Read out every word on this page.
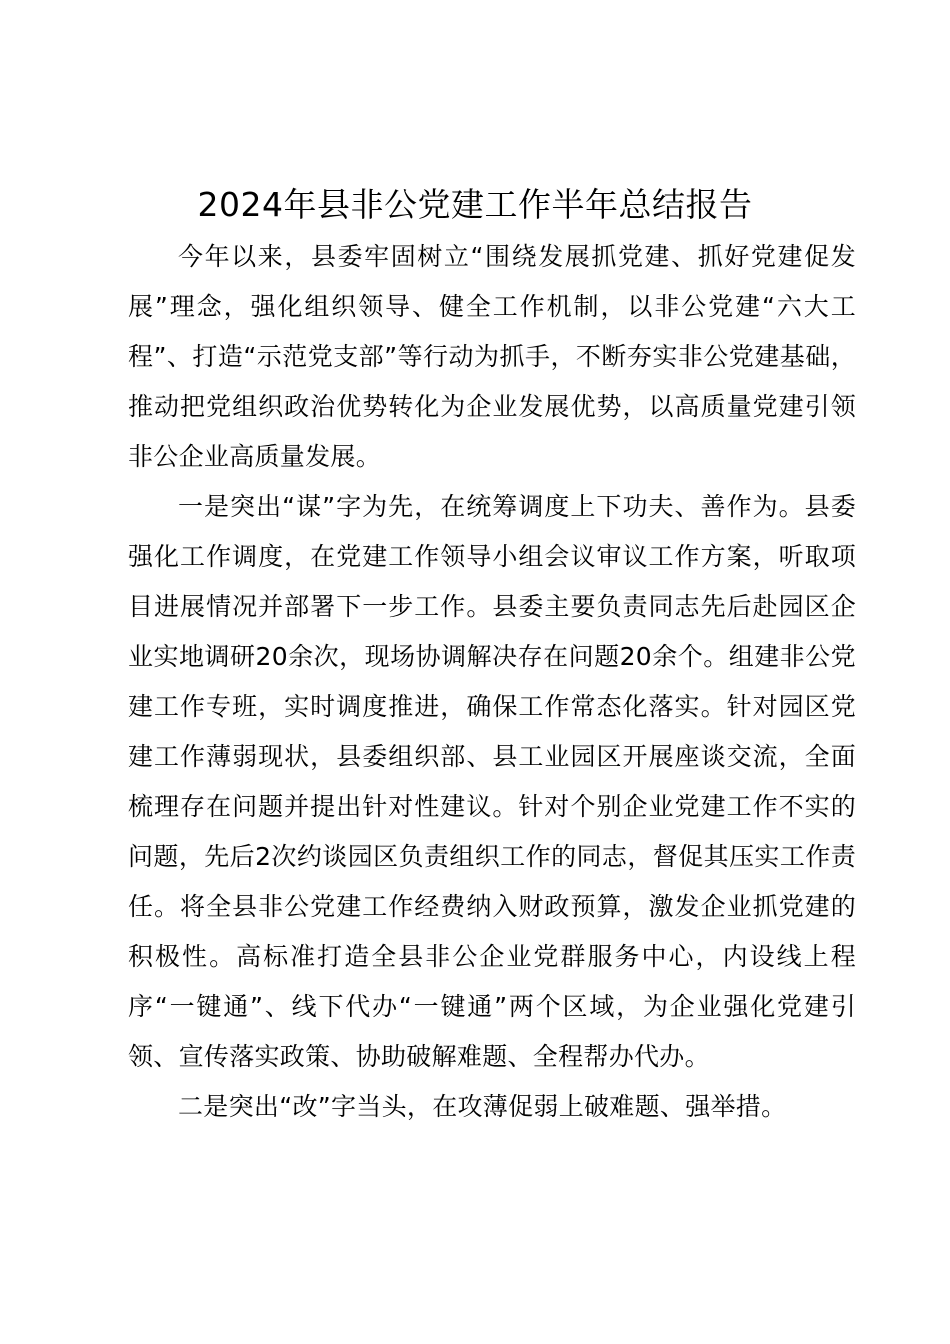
2024年县非公党建工作半年总结报告

今年以来，县委牢固树立“围绕发展抓党建、抓好党建促发展”理念，强化组织领导、健全工作机制，以非公党建“六大工程”、打造“示范党支部”等行动为抓手，不断夯实非公党建基础，推动把党组织政治优势转化为企业发展优势，以高质量党建引领非公企业高质量发展。

一是突出“谋”字为先，在统筹调度上下功夫、善作为。县委强化工作调度，在党建工作领导小组会议审议工作方案，听取项目进展情况并部署下一步工作。县委主要负责同志先后赴园区企业实地调研20余次，现场协调解决存在问题20余个。组建非公党建工作专班，实时调度推进，确保工作常态化落实。针对园区党建工作薄弱现状，县委组织部、县工业园区开展座谈交流，全面梳理存在问题并提出针对性建议。针对个别企业党建工作不实的问题，先后2次约谈园区负责组织工作的同志，督促其压实工作责任。将全县非公党建工作经费纳入财政预算，激发企业抓党建的积极性。高标准打造全县非公企业党群服务中心，内设线上程序“一键通”、线下代办“一键通”两个区域，为企业强化党建引领、宣传落实政策、协助破解难题、全程帮办代办。

二是突出“改”字当头，在攻薄促弱上破难题、强举措。
